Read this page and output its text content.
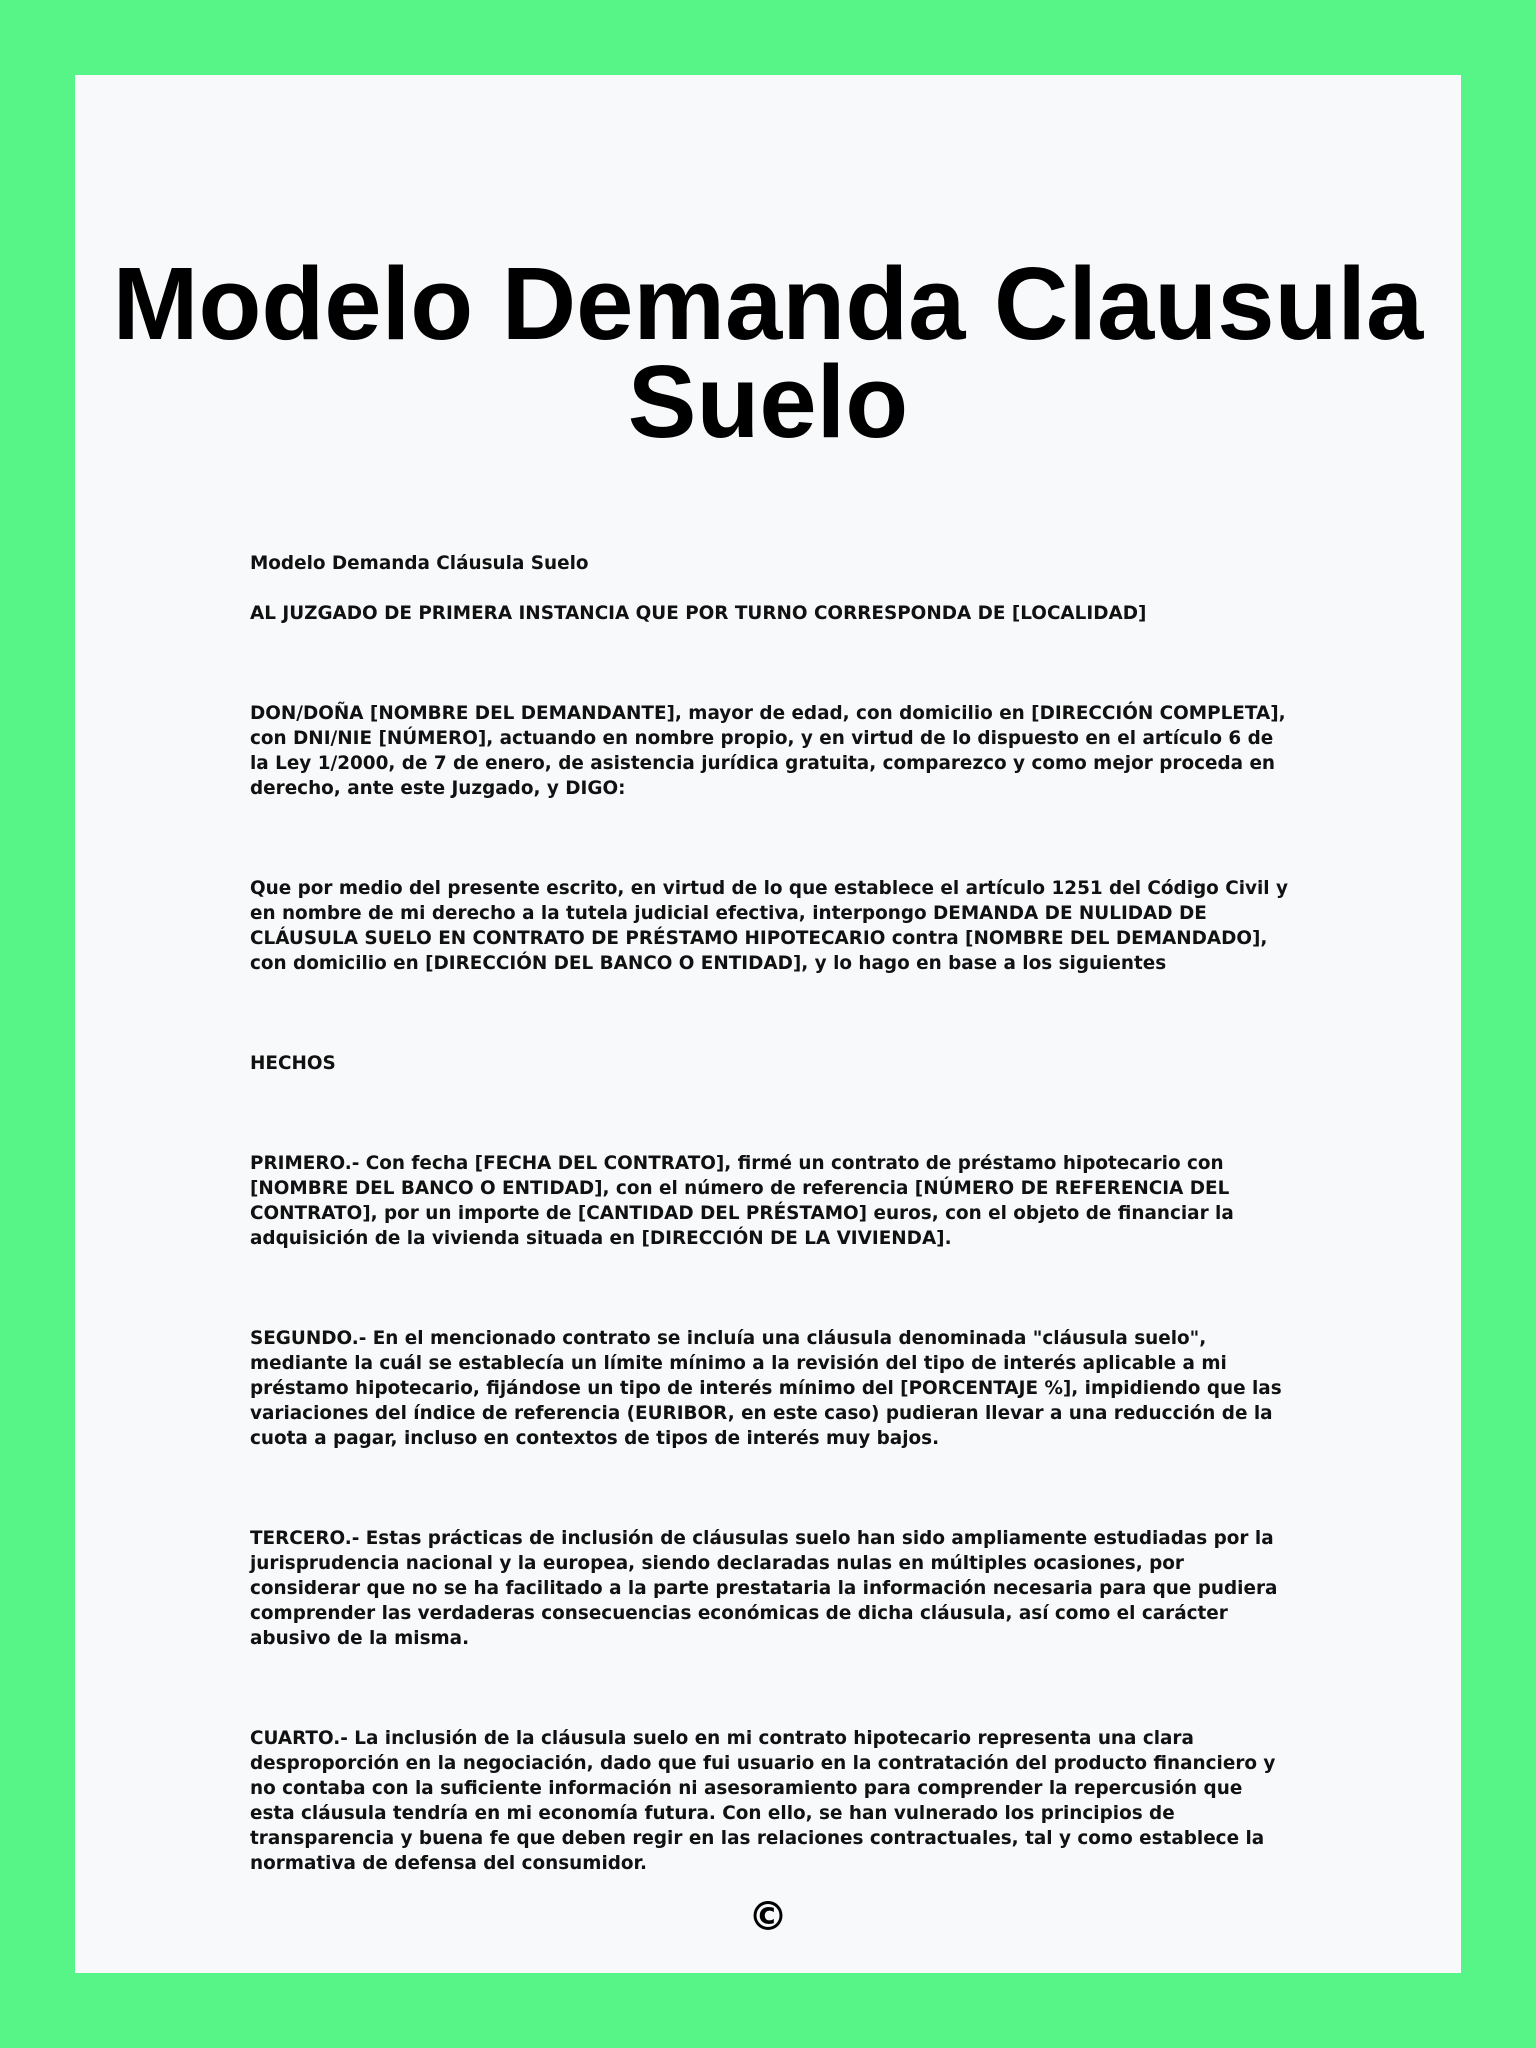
Modelo Demanda Clausula Suelo

Modelo Demanda Cláusula Suelo

AL JUZGADO DE PRIMERA INSTANCIA QUE POR TURNO CORRESPONDA DE [LOCALIDAD]

DON/DOÑA [NOMBRE DEL DEMANDANTE], mayor de edad, con domicilio en [DIRECCIÓN COMPLETA], con DNI/NIE [NÚMERO], actuando en nombre propio, y en virtud de lo dispuesto en el artículo 6 de la Ley 1/2000, de 7 de enero, de asistencia jurídica gratuita, comparezco y como mejor proceda en derecho, ante este Juzgado, y DIGO:

Que por medio del presente escrito, en virtud de lo que establece el artículo 1251 del Código Civil y en nombre de mi derecho a la tutela judicial efectiva, interpongo DEMANDA DE NULIDAD DE CLÁUSULA SUELO EN CONTRATO DE PRÉSTAMO HIPOTECARIO contra [NOMBRE DEL DEMANDADO], con domicilio en [DIRECCIÓN DEL BANCO O ENTIDAD], y lo hago en base a los siguientes

HECHOS

PRIMERO.- Con fecha [FECHA DEL CONTRATO], firmé un contrato de préstamo hipotecario con [NOMBRE DEL BANCO O ENTIDAD], con el número de referencia [NÚMERO DE REFERENCIA DEL CONTRATO], por un importe de [CANTIDAD DEL PRÉSTAMO] euros, con el objeto de financiar la adquisición de la vivienda situada en [DIRECCIÓN DE LA VIVIENDA].

SEGUNDO.- En el mencionado contrato se incluía una cláusula denominada "cláusula suelo", mediante la cuál se establecía un límite mínimo a la revisión del tipo de interés aplicable a mi préstamo hipotecario, fijándose un tipo de interés mínimo del [PORCENTAJE %], impidiendo que las variaciones del índice de referencia (EURIBOR, en este caso) pudieran llevar a una reducción de la cuota a pagar, incluso en contextos de tipos de interés muy bajos.

TERCERO.- Estas prácticas de inclusión de cláusulas suelo han sido ampliamente estudiadas por la jurisprudencia nacional y la europea, siendo declaradas nulas en múltiples ocasiones, por considerar que no se ha facilitado a la parte prestataria la información necesaria para que pudiera comprender las verdaderas consecuencias económicas de dicha cláusula, así como el carácter abusivo de la misma.

CUARTO.- La inclusión de la cláusula suelo en mi contrato hipotecario representa una clara desproporción en la negociación, dado que fui usuario en la contratación del producto financiero y no contaba con la suficiente información ni asesoramiento para comprender la repercusión que esta cláusula tendría en mi economía futura. Con ello, se han vulnerado los principios de transparencia y buena fe que deben regir en las relaciones contractuales, tal y como establece la normativa de defensa del consumidor.

©
